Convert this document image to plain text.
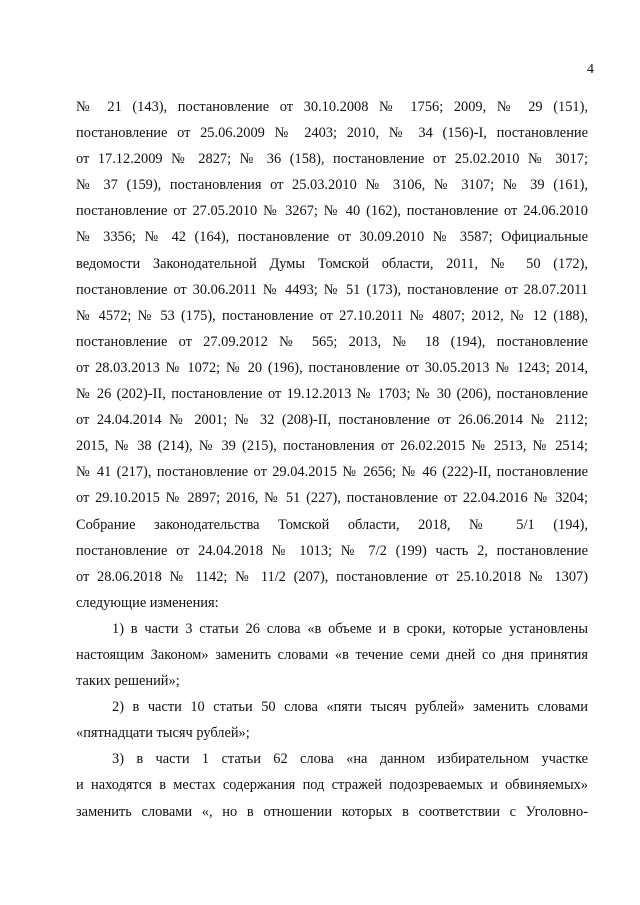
4
№ 21 (143), постановление от 30.10.2008 № 1756; 2009, № 29 (151),
постановление от 25.06.2009 № 2403; 2010, № 34 (156)-I, постановление
от 17.12.2009 № 2827; № 36 (158), постановление от 25.02.2010 № 3017;
№ 37 (159), постановления от 25.03.2010 № 3106, № 3107; № 39 (161),
постановление от 27.05.2010 № 3267; № 40 (162), постановление от 24.06.2010
№ 3356; № 42 (164), постановление от 30.09.2010 № 3587; Официальные
ведомости Законодательной Думы Томской области, 2011, № 50 (172),
постановление от 30.06.2011 № 4493; № 51 (173), постановление от 28.07.2011
№ 4572; № 53 (175), постановление от 27.10.2011 № 4807; 2012, № 12 (188),
постановление от 27.09.2012 № 565; 2013, № 18 (194), постановление
от 28.03.2013 № 1072; № 20 (196), постановление от 30.05.2013 № 1243; 2014,
№ 26 (202)-II, постановление от 19.12.2013 № 1703; № 30 (206), постановление
от 24.04.2014 № 2001; № 32 (208)-II, постановление от 26.06.2014 № 2112;
2015, № 38 (214), № 39 (215), постановления от 26.02.2015 № 2513, № 2514;
№ 41 (217), постановление от 29.04.2015 № 2656; № 46 (222)-II, постановление
от 29.10.2015 № 2897; 2016, № 51 (227), постановление от 22.04.2016 № 3204;
Собрание законодательства Томской области, 2018, № 5/1 (194),
постановление от 24.04.2018 № 1013; № 7/2 (199) часть 2, постановление
от 28.06.2018 № 1142; № 11/2 (207), постановление от 25.10.2018 № 1307)
следующие изменения:
1) в части 3 статьи 26 слова «в объеме и в сроки, которые установлены
настоящим Законом» заменить словами «в течение семи дней со дня принятия
таких решений»;
2) в части 10 статьи 50 слова «пяти тысяч рублей» заменить словами
«пятнадцати тысяч рублей»;
3) в части 1 статьи 62 слова «на данном избирательном участке
и находятся в местах содержания под стражей подозреваемых и обвиняемых»
заменить словами «, но в отношении которых в соответствии с Уголовно-
